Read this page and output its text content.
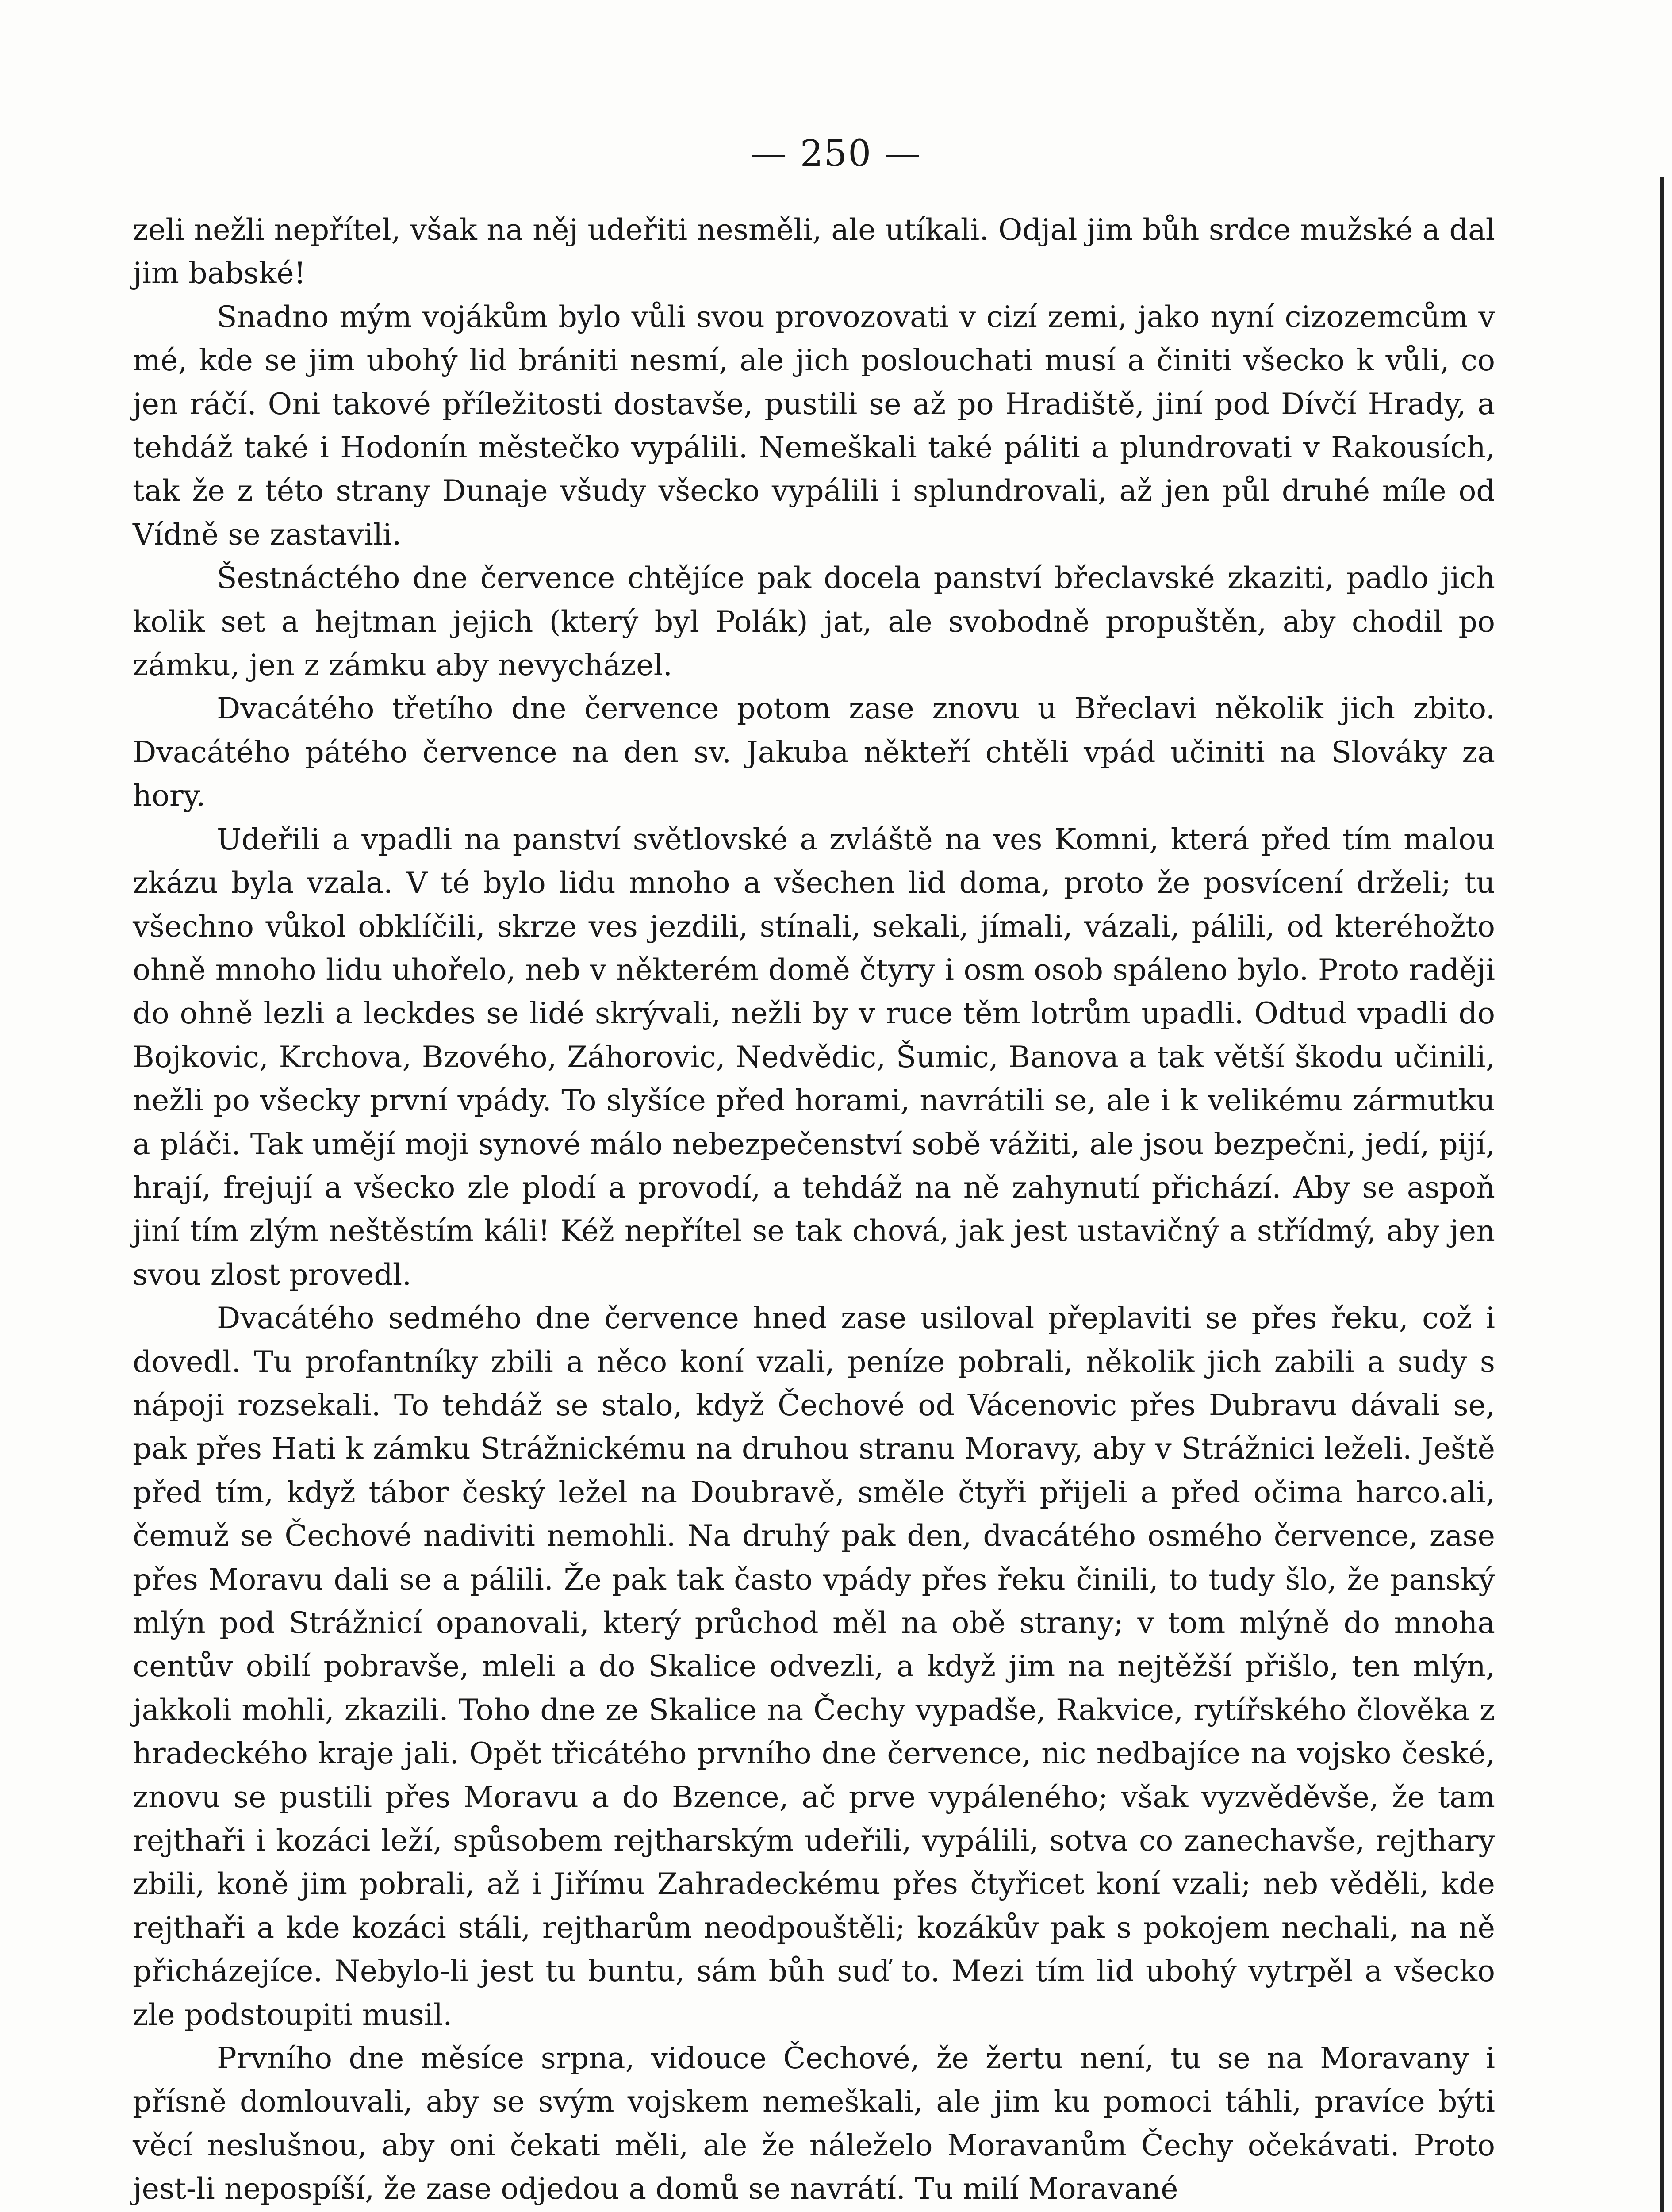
— 250 —

zeli nežli nepřítel, však na něj udeřiti nesměli, ale utíkali. Odjal jim bůh srdce mužské a dal jim babské!

Snadno mým vojákům bylo vůli svou provozovati v cizí zemi, jako nyní cizozemcům v mé, kde se jim ubohý lid brániti nesmí, ale jich poslouchati musí a činiti všecko k vůli, co jen ráčí. Oni takové příležitosti dostavše, pustili se až po Hradiště, jiní pod Dívčí Hrady, a tehdáž také i Hodonín městečko vypálili. Nemeškali také páliti a plundrovati v Rakousích, tak že z této strany Dunaje všudy všecko vypálili i splundrovali, až jen půl druhé míle od Vídně se zastavili.

Šestnáctého dne července chtějíce pak docela panství břeclavské zkaziti, padlo jich kolik set a hejtman jejich (který byl Polák) jat, ale svobodně propuštěn, aby chodil po zámku, jen z zámku aby nevycházel.

Dvacátého třetího dne července potom zase znovu u Břeclavi několik jich zbito. Dvacátého pátého července na den sv. Jakuba někteří chtěli vpád učiniti na Slováky za hory.

Udeřili a vpadli na panství světlovské a zvláště na ves Komni, která před tím malou zkázu byla vzala. V té bylo lidu mnoho a všechen lid doma, proto že posvícení drželi; tu všechno vůkol obklíčili, skrze ves jezdili, stínali, sekali, jímali, vázali, pálili, od kteréhožto ohně mnoho lidu uhořelo, neb v některém domě čtyry i osm osob spáleno bylo. Proto raději do ohně lezli a leckdes se lidé skrývali, nežli by v ruce těm lotrům upadli. Odtud vpadli do Bojkovic, Krchova, Bzového, Záhorovic, Nedvědic, Šumic, Banova a tak větší škodu učinili, nežli po všecky první vpády. To slyšíce před horami, navrátili se, ale i k velikému zármutku a pláči. Tak umějí moji synové málo nebezpečenství sobě vážiti, ale jsou bezpečni, jedí, pijí, hrají, frejují a všecko zle plodí a provodí, a tehdáž na ně zahynutí přichází. Aby se aspoň jiní tím zlým neštěstím káli! Kéž nepřítel se tak chová, jak jest ustavičný a střídmý, aby jen svou zlost provedl.

Dvacátého sedmého dne července hned zase usiloval přeplaviti se přes řeku, což i dovedl. Tu profantníky zbili a něco koní vzali, peníze pobrali, několik jich zabili a sudy s nápoji rozsekali. To tehdáž se stalo, když Čechové od Vácenovic přes Dubravu dávali se, pak přes Hati k zámku Strážnickému na druhou stranu Moravy, aby v Strážnici leželi. Ještě před tím, když tábor český ležel na Doubravě, směle čtyři přijeli a před očima harco.ali, čemuž se Čechové nadiviti nemohli. Na druhý pak den, dvacátého osmého července, zase přes Moravu dali se a pálili. Že pak tak často vpády přes řeku činili, to tudy šlo, že panský mlýn pod Strážnicí opanovali, který průchod měl na obě strany; v tom mlýně do mnoha centův obilí pobravše, mleli a do Skalice odvezli, a když jim na nejtěžší přišlo, ten mlýn, jakkoli mohli, zkazili. Toho dne ze Skalice na Čechy vypadše, Rakvice, rytířského člověka z hradeckého kraje jali. Opět třicátého prvního dne července, nic nedbajíce na vojsko české, znovu se pustili přes Moravu a do Bzence, ač prve vypáleného; však vyzvěděvše, že tam rejthaři i kozáci leží, spůsobem rejtharským udeřili, vypálili, sotva co zanechavše, rejthary zbili, koně jim pobrali, až i Jiřímu Zahradeckému přes čtyřicet koní vzali; neb věděli, kde rejthaři a kde kozáci stáli, rejtharům neodpouštěli; kozákův pak s pokojem nechali, na ně přicházejíce. Nebylo-li jest tu buntu, sám bůh suď to. Mezi tím lid ubohý vytrpěl a všecko zle podstoupiti musil.

Prvního dne měsíce srpna, vidouce Čechové, že žertu není, tu se na Moravany i přísně domlouvali, aby se svým vojskem nemeškali, ale jim ku pomoci táhli, pravíce býti věcí neslušnou, aby oni čekati měli, ale že náleželo Moravanům Čechy očekávati. Proto jest-li nepospíší, že zase odjedou a domů se navrátí. Tu milí Moravané
